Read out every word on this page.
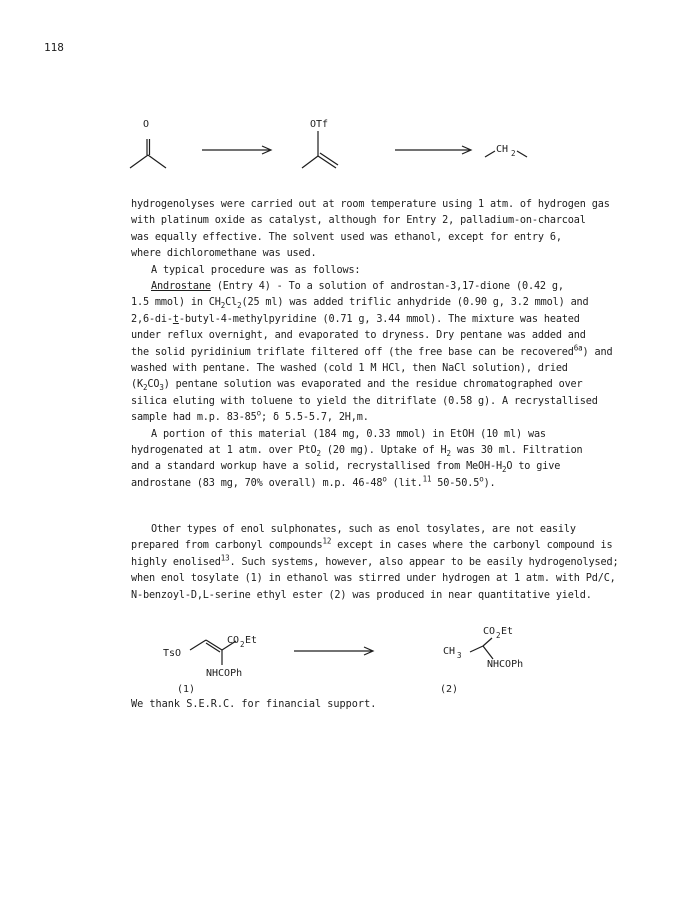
118
O	OTf
CH 2
hydrogenolyses were carried out at room temperature using 1 atm. of hydrogen gas
with platinum oxide as catalyst, although for Entry 2, palladium-on-charcoal
was equally effective. The solvent used was ethanol, except for entry 6,
where dichloromethane was used.
A typical procedure was as follows:
Androstane (Entry 4) - To a solution of androstan-3,17-dione (0.42 g,
1.5 mmol) in $CH_2Cl_2(25$ ml) was added triflic anhydride (0.90 g, 3.2 mmol) and
2,6-di-t-butyl-4-methylpyridine (0.71 g, 3.44 mmol). The mixture was heated
under reflux overnight, and evaporated to dryness. Dry pentane was added and
the solid pyridinium triflate filtered off (the free base can be recovered$^{6a}$) and
washed with pentane. The washed (cold 1 M HCl, then NaCl solution), dried
$(K_2CO_3)$ pentane solution was evaporated and the residue chromatographed over
silica eluting with toluene to yield the ditriflate (0.58 g). A recrystallised
sample had m.p. 83-85$^o$; δ 5.5-5.7, 2H,m.
A portion of this material (184 mg, 0.33 mmol) in EtOH (10 ml) was
hydrogenated at 1 atm. over PtO$_2$ (20 mg). Uptake of $H_2$ was 30 ml. Filtration
and a standard workup have a solid, recrystallised from MeOH-$H_2O$ to give
androstane (83 mg, 70% overall) m.p. 46-48$^o$ (lit.$^{11}$ 50-50.5$^o$).
Other types of enol sulphonates, such as enol tosylates, are not easily
prepared from carbonyl compounds$^{12}$ except in cases where the carbonyl compound is
highly enolised$^{13}$. Such systems, however, also appear to be easily hydrogenolysed;
when enol tosylate (1) in ethanol was stirred under hydrogen at 1 atm. with Pd/C,
N-benzoyl-D,L-serine ethyl ester (2) was produced in near quantitative yield.
TsO
CO 2 Et
NHCOPh
(1)
CH 3
CO 2 Et
NHCOPh
(2)
We thank S.E.R.C. for financial support.
